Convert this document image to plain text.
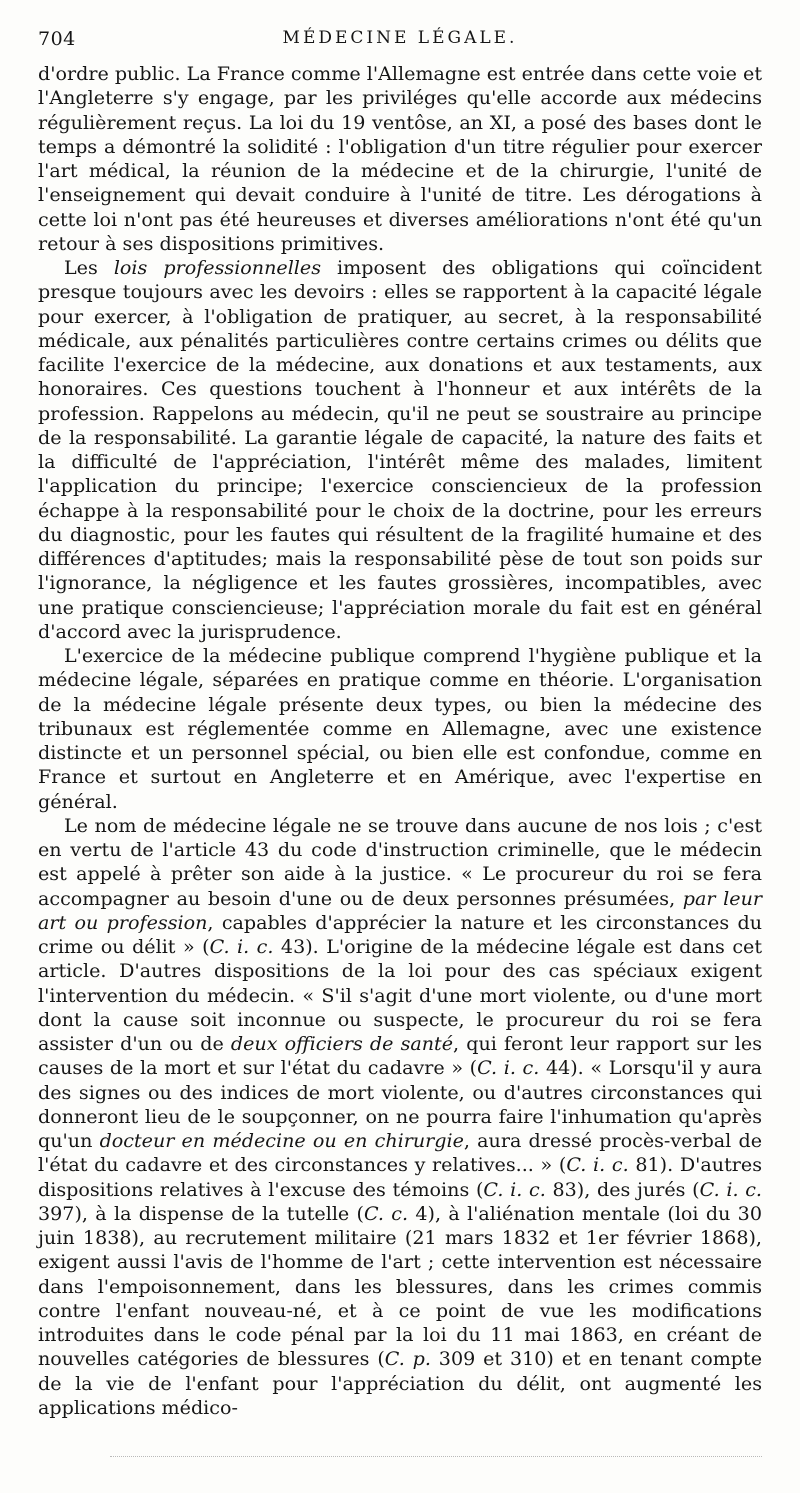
704	MÉDECINE LÉGALE.

d'ordre public. La France comme l'Allemagne est entrée dans cette voie et l'Angleterre s'y engage, par les priviléges qu'elle accorde aux médecins régulièrement reçus. La loi du 19 ventôse, an XI, a posé des bases dont le temps a démontré la solidité : l'obligation d'un titre régulier pour exercer l'art médical, la réunion de la médecine et de la chirurgie, l'unité de l'enseignement qui devait conduire à l'unité de titre. Les dérogations à cette loi n'ont pas été heureuses et diverses améliorations n'ont été qu'un retour à ses dispositions primitives.

Les lois professionnelles imposent des obligations qui coïncident presque toujours avec les devoirs : elles se rapportent à la capacité légale pour exercer, à l'obligation de pratiquer, au secret, à la responsabilité médicale, aux pénalités particulières contre certains crimes ou délits que facilite l'exercice de la médecine, aux donations et aux testaments, aux honoraires. Ces questions touchent à l'honneur et aux intérêts de la profession. Rappelons au médecin, qu'il ne peut se soustraire au principe de la responsabilité. La garantie légale de capacité, la nature des faits et la difficulté de l'appréciation, l'intérêt même des malades, limitent l'application du principe; l'exercice consciencieux de la profession échappe à la responsabilité pour le choix de la doctrine, pour les erreurs du diagnostic, pour les fautes qui résultent de la fragilité humaine et des différences d'aptitudes; mais la responsabilité pèse de tout son poids sur l'ignorance, la négligence et les fautes grossières, incompatibles, avec une pratique consciencieuse; l'appréciation morale du fait est en général d'accord avec la jurisprudence.

L'exercice de la médecine publique comprend l'hygiène publique et la médecine légale, séparées en pratique comme en théorie. L'organisation de la médecine légale présente deux types, ou bien la médecine des tribunaux est réglementée comme en Allemagne, avec une existence distincte et un personnel spécial, ou bien elle est confondue, comme en France et surtout en Angleterre et en Amérique, avec l'expertise en général.

Le nom de médecine légale ne se trouve dans aucune de nos lois ; c'est en vertu de l'article 43 du code d'instruction criminelle, que le médecin est appelé à prêter son aide à la justice. « Le procureur du roi se fera accompagner au besoin d'une ou de deux personnes présumées, par leur art ou profession, capables d'apprécier la nature et les circonstances du crime ou délit » (C. i. c. 43). L'origine de la médecine légale est dans cet article. D'autres dispositions de la loi pour des cas spéciaux exigent l'intervention du médecin. « S'il s'agit d'une mort violente, ou d'une mort dont la cause soit inconnue ou suspecte, le procureur du roi se fera assister d'un ou de deux officiers de santé, qui feront leur rapport sur les causes de la mort et sur l'état du cadavre » (C. i. c. 44). « Lorsqu'il y aura des signes ou des indices de mort violente, ou d'autres circonstances qui donneront lieu de le soupçonner, on ne pourra faire l'inhumation qu'après qu'un docteur en médecine ou en chirurgie, aura dressé procès-verbal de l'état du cadavre et des circonstances y relatives... » (C. i. c. 81). D'autres dispositions relatives à l'excuse des témoins (C. i. c. 83), des jurés (C. i. c. 397), à la dispense de la tutelle (C. c. 4), à l'aliénation mentale (loi du 30 juin 1838), au recrutement militaire (21 mars 1832 et 1er février 1868), exigent aussi l'avis de l'homme de l'art ; cette intervention est nécessaire dans l'empoisonnement, dans les blessures, dans les crimes commis contre l'enfant nouveau-né, et à ce point de vue les modifications introduites dans le code pénal par la loi du 11 mai 1863, en créant de nouvelles catégories de blessures (C. p. 309 et 310) et en tenant compte de la vie de l'enfant pour l'appréciation du délit, ont augmenté les applications médico-
